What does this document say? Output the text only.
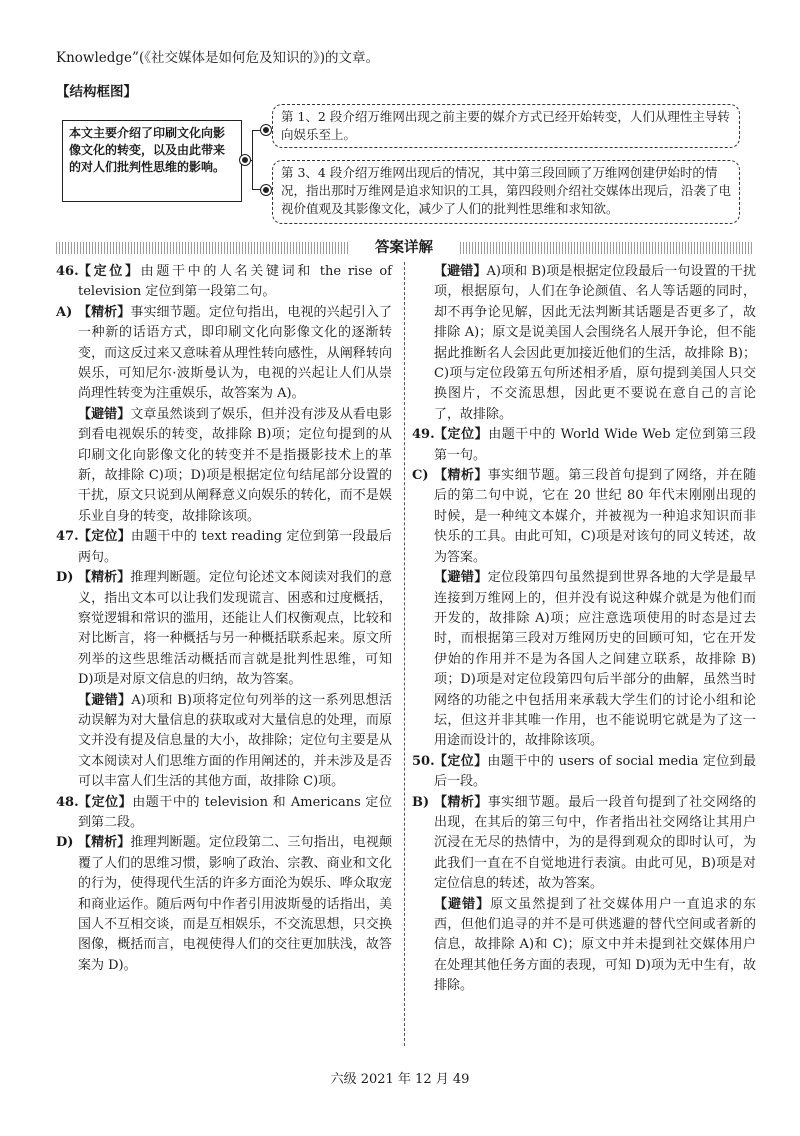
Knowledge”(《社交媒体是如何危及知识的》)的文章。
【结构框图】
本文主要介绍了印刷文化向影像文化的转变，以及由此带来的对人们批判性思维的影响。
第 1、2 段介绍万维网出现之前主要的媒介方式已经开始转变，人们从理性主导转向娱乐至上。
第 3、4 段介绍万维网出现后的情况，其中第三段回顾了万维网创建伊始时的情况，指出那时万维网是追求知识的工具，第四段则介绍社交媒体出现后，沿袭了电视价值观及其影像文化，减少了人们的批判性思维和求知欲。
答案详解
46. 【 定位 】 由题干中的人名关键词和 the rise of television 定位到第一段第二句。
A) 【 精析 】 事实细节题。定位句指出，电视的兴起引入了一种新的话语方式，即印刷文化向影像文化的逐渐转变，而这反过来又意味着从理性转向感性，从阐释转向娱乐，可知尼尔·波斯曼认为，电视的兴起让人们从崇尚理性转变为注重娱乐，故答案为 A)。
【 避错 】 文章虽然谈到了娱乐，但并没有涉及从看电影到看电视娱乐的转变，故排除 B)项；定位句提到的从印刷文化向影像文化的转变并不是指摄影技术上的革新，故排除 C)项；D)项是根据定位句结尾部分设置的干扰，原文只说到从阐释意义向娱乐的转化，而不是娱乐业自身的转变，故排除该项。
47. 【 定位 】 由题干中的 text reading 定位到第一段最后两句。
D) 【 精析 】 推理判断题。定位句论述文本阅读对我们的意义，指出文本可以让我们发现谎言、困惑和过度概括，察觉逻辑和常识的滥用，还能让人们权衡观点，比较和对比断言，将一种概括与另一种概括联系起来。原文所列举的这些思维活动概括而言就是批判性思维，可知 D)项是对原文信息的归纳，故为答案。
【 避错 】 A)项和 B)项将定位句列举的这一系列思想活动误解为对大量信息的获取或对大量信息的处理，而原文并没有提及信息量的大小，故排除；定位句主要是从文本阅读对人们思维方面的作用阐述的，并未涉及是否可以丰富人们生活的其他方面，故排除 C)项。
48. 【 定位 】 由题干中的 television 和 Americans 定位到第二段。
D) 【 精析 】 推理判断题。定位段第二、三句指出，电视颠覆了人们的思维习惯，影响了政治、宗教、商业和文化的行为，使得现代生活的许多方面沦为娱乐、哗众取宠和商业运作。随后两句中作者引用波斯曼的话指出，美国人不互相交谈，而是互相娱乐，不交流思想，只交换图像，概括而言，电视使得人们的交往更加肤浅，故答案为 D)。
【 避错 】 A)项和 B)项是根据定位段最后一句设置的干扰项，根据原句，人们在争论颜值、名人等话题的同时，却不再争论见解，因此无法判断其话题是否更多了，故排除 A)；原文是说美国人会围绕名人展开争论，但不能据此推断名人会因此更加接近他们的生活，故排除 B)；C)项与定位段第五句所述相矛盾，原句提到美国人只交换图片，不交流思想，因此更不要说在意自己的言论了，故排除。
49. 【 定位 】 由题干中的 World Wide Web 定位到第三段第一句。
C) 【 精析 】 事实细节题。第三段首句提到了网络，并在随后的第二句中说，它在 20 世纪 80 年代末刚刚出现的时候，是一种纯文本媒介，并被视为一种追求知识而非快乐的工具。由此可知，C)项是对该句的同义转述，故为答案。
【 避错 】 定位段第四句虽然提到世界各地的大学是最早连接到万维网上的，但并没有说这种媒介就是为他们而开发的，故排除 A)项；应注意选项使用的时态是过去时，而根据第三段对万维网历史的回顾可知，它在开发伊始的作用并不是为各国人之间建立联系，故排除 B)项；D)项是对定位段第四句后半部分的曲解，虽然当时网络的功能之中包括用来承载大学生们的讨论小组和论坛，但这并非其唯一作用，也不能说明它就是为了这一用途而设计的，故排除该项。
50. 【 定位 】 由题干中的 users of social media 定位到最后一段。
B) 【 精析 】 事实细节题。最后一段首句提到了社交网络的出现，在其后的第三句中，作者指出社交网络让其用户沉浸在无尽的热情中，为的是得到观众的即时认可，为此我们一直在不自觉地进行表演。由此可见，B)项是对定位信息的转述，故为答案。
【 避错 】 原文虽然提到了社交媒体用户一直追求的东西，但他们追寻的并不是可供逃避的替代空间或者新的信息，故排除 A)和 C)；原文中并未提到社交媒体用户在处理其他任务方面的表现，可知 D)项为无中生有，故排除。
六级 2021 年 12 月 49
